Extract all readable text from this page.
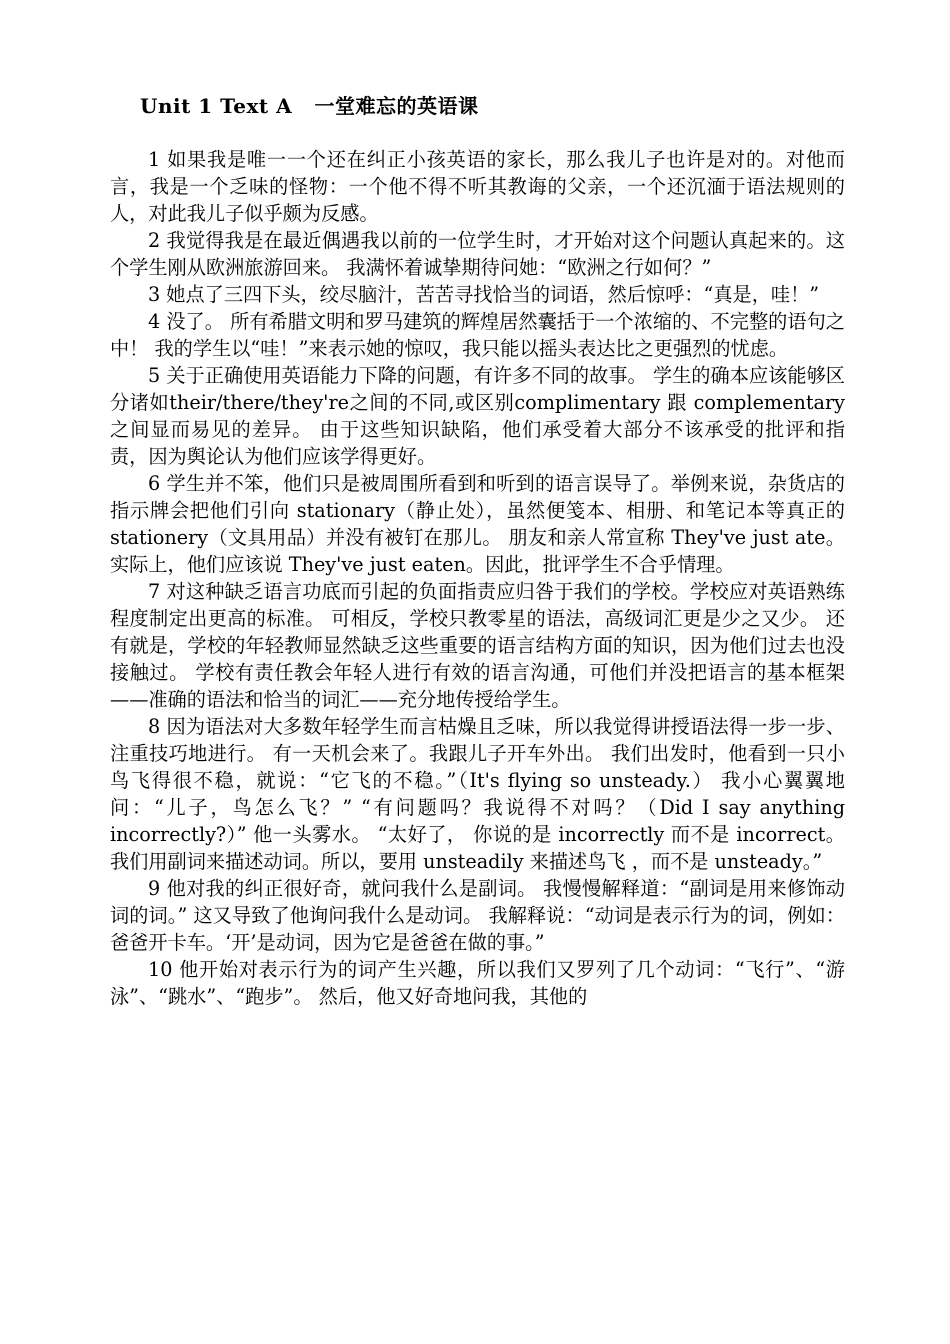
Unit 1 Text A   一堂难忘的英语课

1 如果我是唯一一个还在纠正小孩英语的家长，那么我儿子也许是对的。对他而言，我是一个乏味的怪物：一个他不得不听其教诲的父亲，一个还沉湎于语法规则的人，对此我儿子似乎颇为反感。

2 我觉得我是在最近偶遇我以前的一位学生时，才开始对这个问题认真起来的。这个学生刚从欧洲旅游回来。 我满怀着诚挚期待问她：“欧洲之行如何？”

3 她点了三四下头，绞尽脑汁，苦苦寻找恰当的词语，然后惊呼：“真是，哇！”

4 没了。 所有希腊文明和罗马建筑的辉煌居然囊括于一个浓缩的、不完整的语句之中！ 我的学生以“哇！”来表示她的惊叹，我只能以摇头表达比之更强烈的忧虑。

5 关于正确使用英语能力下降的问题，有许多不同的故事。 学生的确本应该能够区分诸如their/there/they're之间的不同,或区别complimentary 跟 complementary 之间显而易见的差异。 由于这些知识缺陷，他们承受着大部分不该承受的批评和指责，因为舆论认为他们应该学得更好。

6 学生并不笨，他们只是被周围所看到和听到的语言误导了。举例来说，杂货店的指示牌会把他们引向 stationary（静止处），虽然便笺本、相册、和笔记本等真正的 stationery（文具用品）并没有被钉在那儿。 朋友和亲人常宣称 They've just ate。实际上，他们应该说 They've just eaten。因此，批评学生不合乎情理。

7 对这种缺乏语言功底而引起的负面指责应归咎于我们的学校。学校应对英语熟练程度制定出更高的标准。 可相反，学校只教零星的语法，高级词汇更是少之又少。 还有就是，学校的年轻教师显然缺乏这些重要的语言结构方面的知识，因为他们过去也没接触过。 学校有责任教会年轻人进行有效的语言沟通，可他们并没把语言的基本框架——准确的语法和恰当的词汇——充分地传授给学生。

8 因为语法对大多数年轻学生而言枯燥且乏味，所以我觉得讲授语法得一步一步、注重技巧地进行。 有一天机会来了。我跟儿子开车外出。 我们出发时，他看到一只小鸟飞得很不稳，就说：“它飞的不稳。”（It's flying so unsteady.） 我小心翼翼地问：“儿子，鸟怎么飞？” “有问题吗？我说得不对吗？（Did I say anything incorrectly?）” 他一头雾水。 “太好了， 你说的是 incorrectly 而不是 incorrect。我们用副词来描述动词。所以，要用 unsteadily 来描述鸟飞 ，而不是 unsteady。”

9 他对我的纠正很好奇，就问我什么是副词。 我慢慢解释道：“副词是用来修饰动词的词。” 这又导致了他询问我什么是动词。 我解释说：“动词是表示行为的词，例如：爸爸开卡车。‘开’是动词，因为它是爸爸在做的事。”

10 他开始对表示行为的词产生兴趣，所以我们又罗列了几个动词：“飞行”、“游泳”、“跳水”、“跑步”。 然后，他又好奇地问我，其他的
